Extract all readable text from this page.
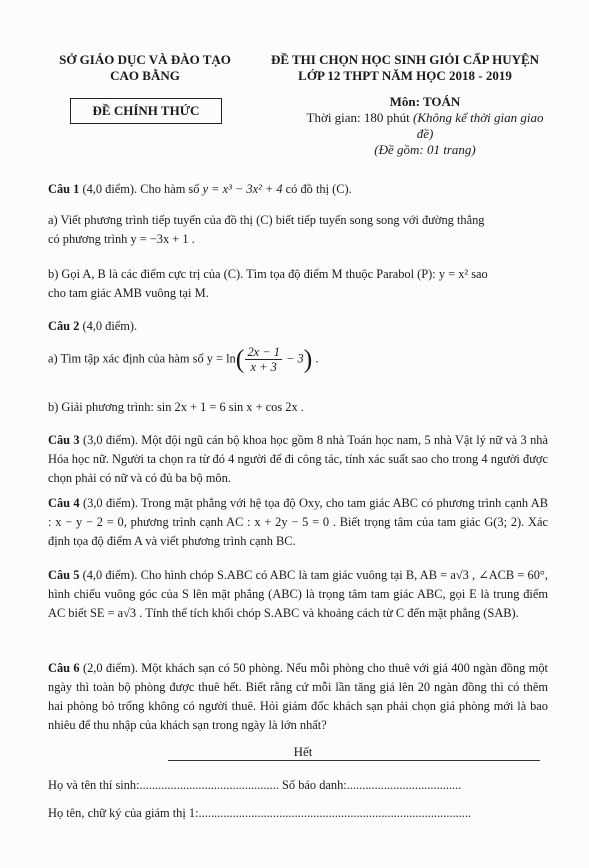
SỞ GIÁO DỤC VÀ ĐÀO TẠO
CAO BẰNG
ĐỀ CHÍNH THỨC
ĐỀ THI CHỌN HỌC SINH GIỎI CẤP HUYỆN
LỚP 12 THPT NĂM HỌC 2018 - 2019
Môn: TOÁN
Thời gian: 180 phút (Không kể thời gian giao đề)
(Đề gồm: 01 trang)
Câu 1 (4,0 điểm). Cho hàm số y = x³ − 3x² + 4 có đồ thị (C).
a) Viết phương trình tiếp tuyến của đồ thị (C) biết tiếp tuyến song song với đường thẳng
có phương trình y = −3x + 1 .
b) Gọi A, B là các điểm cực trị của (C). Tìm tọa độ điểm M thuộc Parabol (P): y = x² sao
cho tam giác AMB vuông tại M.
Câu 2 (4,0 điểm).
a) Tìm tập xác định của hàm số $y = \ln( \frac{2x - 1}{x + 3} - 3)$ .
b) Giải phương trình: sin 2x + 1 = 6 sin x + cos 2x .
Câu 3 (3,0 điểm). Một đội ngũ cán bộ khoa học gồm 8 nhà Toán học nam, 5 nhà Vật lý nữ và 3 nhà Hóa học nữ. Người ta chọn ra từ đó 4 người để đi công tác, tính xác suất sao cho trong 4 người được chọn phải có nữ và có đủ ba bộ môn.
Câu 4 (3,0 điểm). Trong mặt phẳng với hệ tọa độ Oxy, cho tam giác ABC có phương trình cạnh AB : x − y − 2 = 0, phương trình cạnh AC : x + 2y − 5 = 0 . Biết trọng tâm của tam giác G(3; 2). Xác định tọa độ điểm A và viết phương trình cạnh BC.
Câu 5 (4,0 điểm). Cho hình chóp S.ABC có ABC là tam giác vuông tại B, AB = a√3 , ∠ACB = 60°, hình chiếu vuông góc của S lên mặt phẳng (ABC) là trọng tâm tam giác ABC, gọi E là trung điểm AC biết SE = a√3 . Tính thể tích khối chóp S.ABC và khoảng cách từ C đến mặt phẳng (SAB).
Câu 6 (2,0 điểm). Một khách sạn có 50 phòng. Nếu mỗi phòng cho thuê với giá 400 ngàn đồng một ngày thì toàn bộ phòng được thuê hết. Biết rằng cứ mỗi lần tăng giá lên 20 ngàn đồng thì có thêm hai phòng bỏ trống không có người thuê. Hỏi giám đốc khách sạn phải chọn giá phòng mới là bao nhiêu để thu nhập của khách sạn trong ngày là lớn nhất?
Hết
Họ và tên thí sinh:............................................. Số báo danh:.....................................
Họ tên, chữ ký của giám thị 1:........................................................................................
